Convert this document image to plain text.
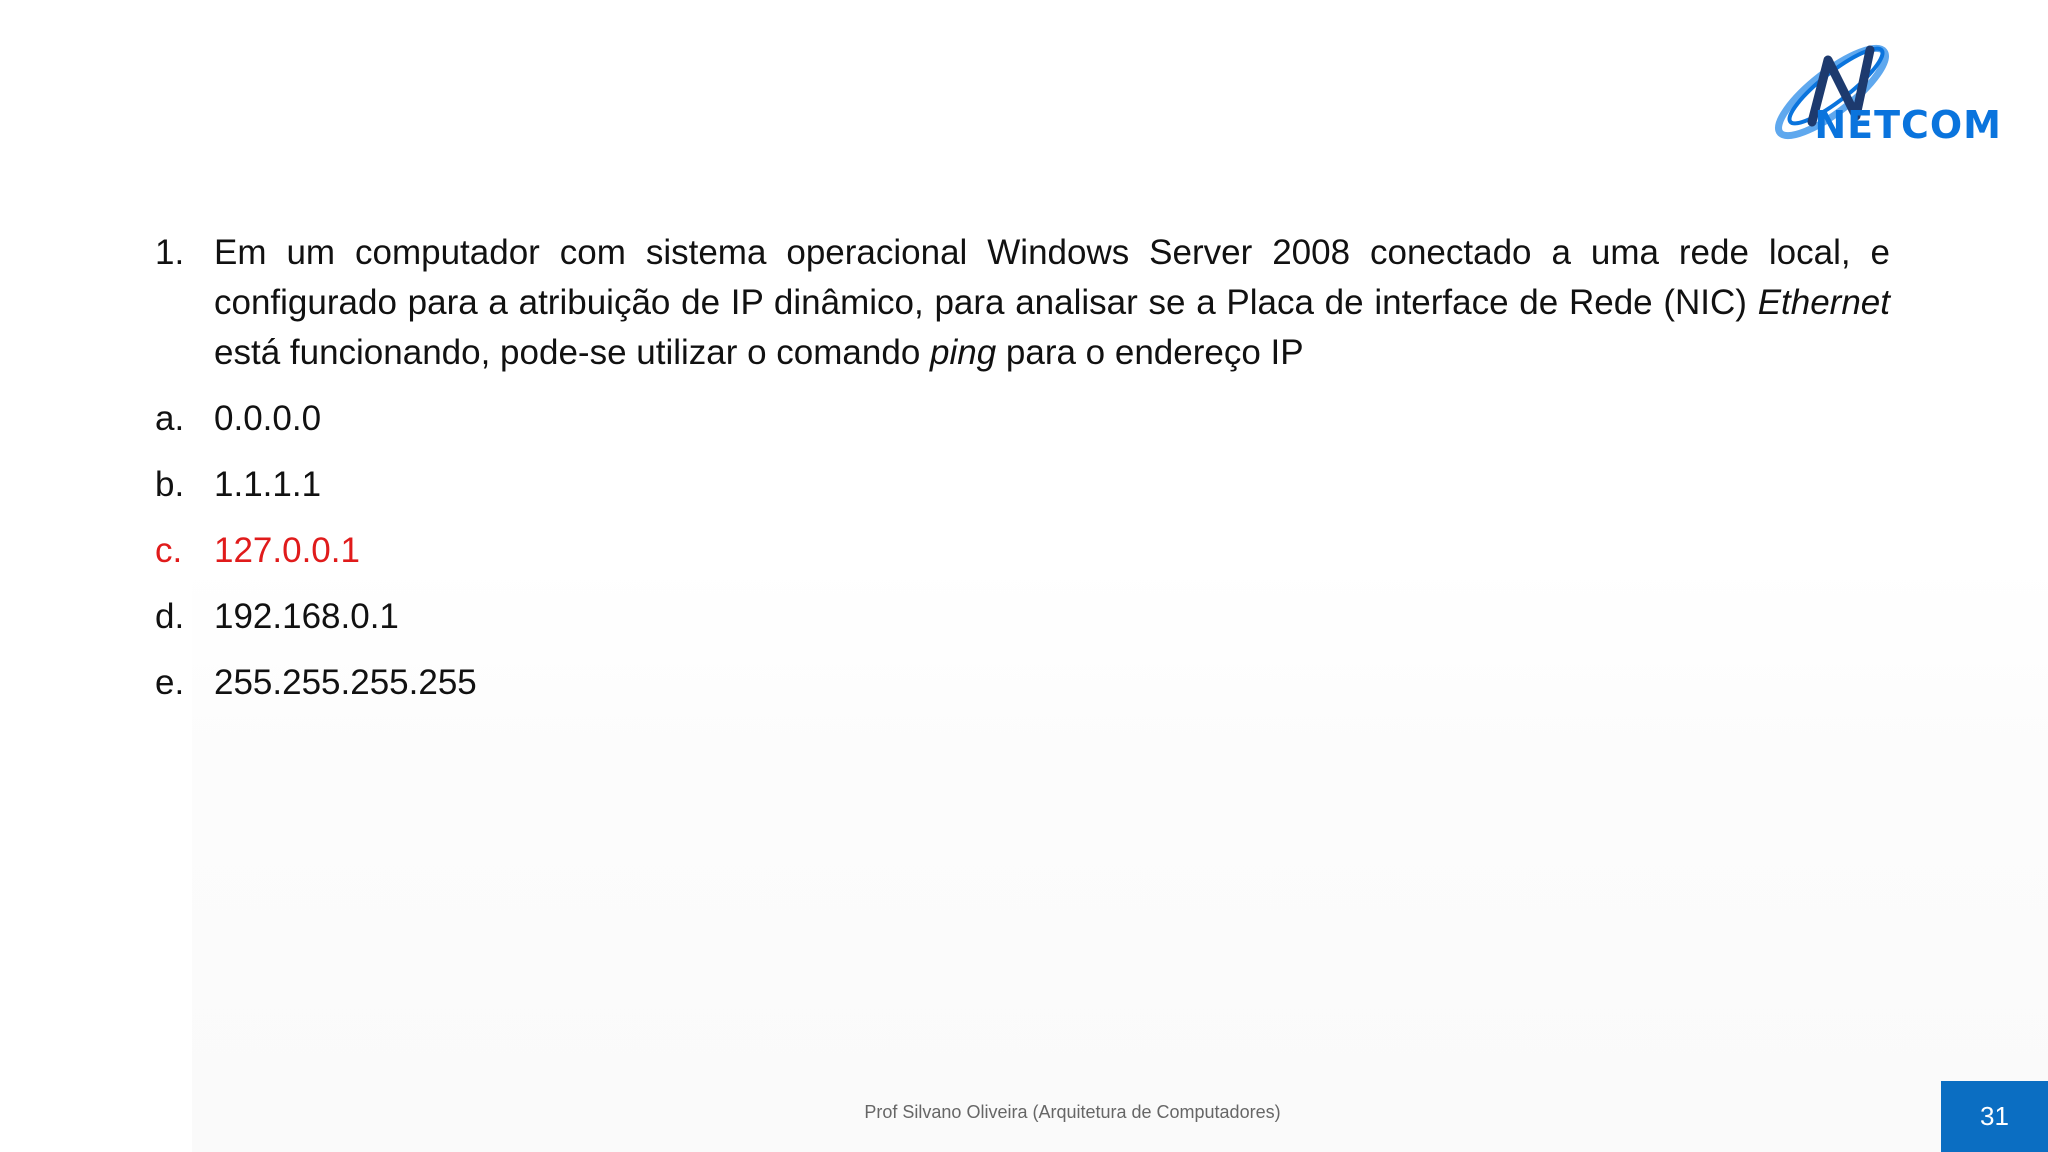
NETCOM
1. Em um computador com sistema operacional Windows Server 2008 conectado a uma rede local, e configurado para a atribuição de IP dinâmico, para analisar se a Placa de interface de Rede (NIC) Ethernet está funcionando, pode-se utilizar o comando ping para o endereço IP
a. 0.0.0.0
b. 1.1.1.1
c. 127.0.0.1
d. 192.168.0.1
e. 255.255.255.255
Prof Silvano Oliveira (Arquitetura de Computadores)	31
